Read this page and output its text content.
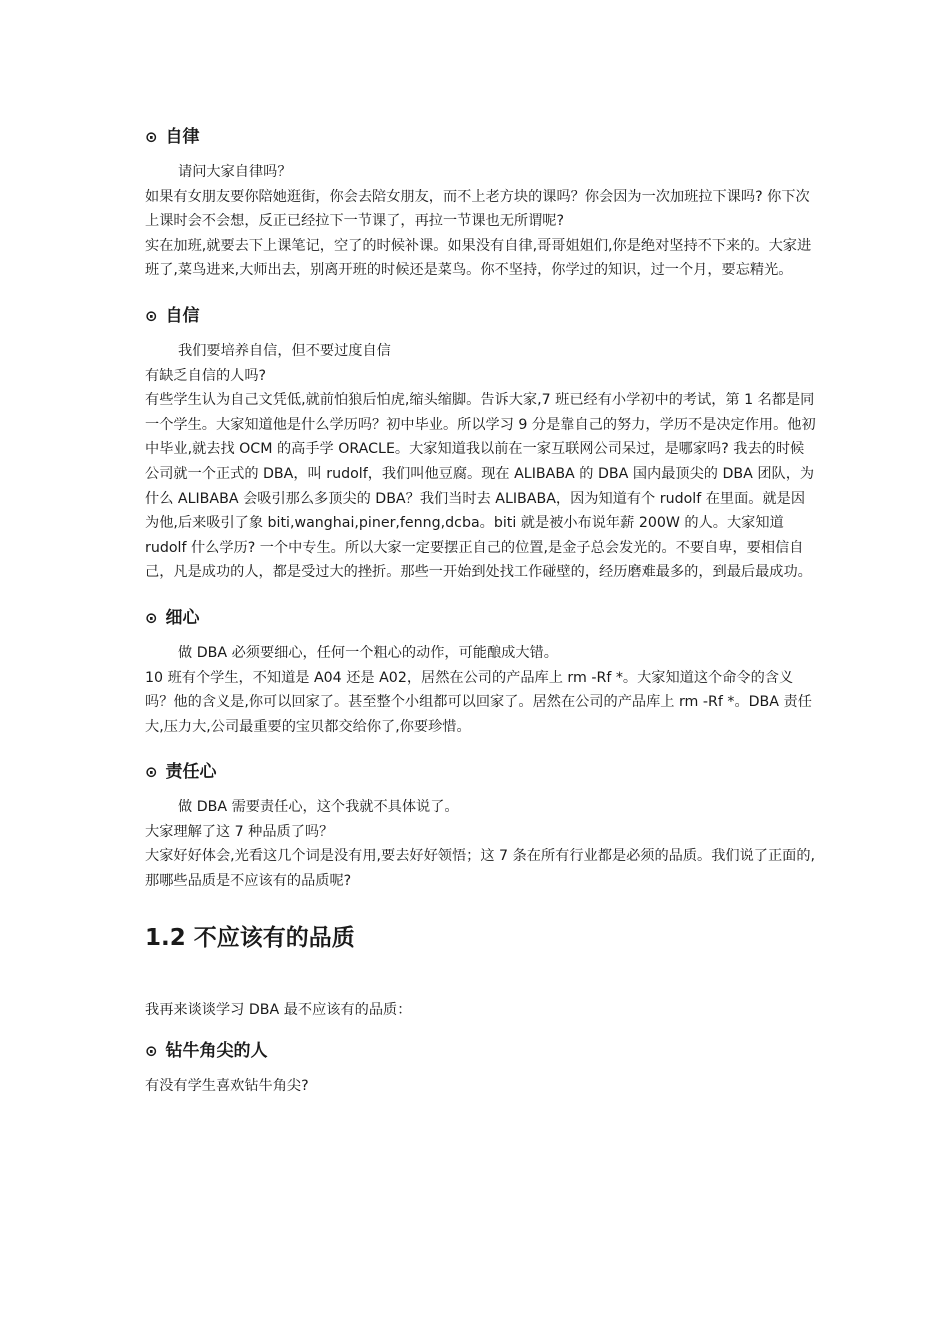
⊙ 自律

请问大家自律吗？

如果有女朋友要你陪她逛街，你会去陪女朋友，而不上老方块的课吗？你会因为一次加班拉下课吗? 你下次上课时会不会想，反正已经拉下一节课了，再拉一节课也无所谓呢?

实在加班,就要去下上课笔记，空了的时候补课。如果没有自律,哥哥姐姐们,你是绝对坚持不下来的。大家进班了,菜鸟进来,大师出去，别离开班的时候还是菜鸟。你不坚持，你学过的知识，过一个月，要忘精光。

⊙ 自信

我们要培养自信，但不要过度自信

有缺乏自信的人吗?

有些学生认为自己文凭低,就前怕狼后怕虎,缩头缩脚。告诉大家,7 班已经有小学初中的考试，第 1 名都是同一个学生。大家知道他是什么学历吗？初中毕业。所以学习 9 分是靠自己的努力，学历不是决定作用。他初中毕业,就去找 OCM 的高手学 ORACLE。大家知道我以前在一家互联网公司呆过，是哪家吗? 我去的时候公司就一个正式的 DBA，叫 rudolf，我们叫他豆腐。现在 ALIBABA 的 DBA 国内最顶尖的 DBA 团队，为什么 ALIBABA 会吸引那么多顶尖的 DBA？我们当时去 ALIBABA，因为知道有个 rudolf 在里面。就是因为他,后来吸引了象 biti,wanghai,piner,fenng,dcba。biti 就是被小布说年薪 200W 的人。大家知道 rudolf 什么学历? 一个中专生。所以大家一定要摆正自己的位置,是金子总会发光的。不要自卑，要相信自己，凡是成功的人，都是受过大的挫折。那些一开始到处找工作碰壁的，经历磨难最多的，到最后最成功。

⊙ 细心

做 DBA 必须要细心，任何一个粗心的动作，可能酿成大错。

10 班有个学生，不知道是 A04 还是 A02，居然在公司的产品库上 rm -Rf *。大家知道这个命令的含义吗？他的含义是,你可以回家了。甚至整个小组都可以回家了。居然在公司的产品库上 rm -Rf *。DBA 责任大,压力大,公司最重要的宝贝都交给你了,你要珍惜。

⊙ 责任心

做 DBA 需要责任心，这个我就不具体说了。

大家理解了这 7 种品质了吗？

大家好好体会,光看这几个词是没有用,要去好好领悟；这 7 条在所有行业都是必须的品质。我们说了正面的,那哪些品质是不应该有的品质呢?

1.2 不应该有的品质

我再来谈谈学习 DBA 最不应该有的品质：

⊙ 钻牛角尖的人

有没有学生喜欢钻牛角尖?
